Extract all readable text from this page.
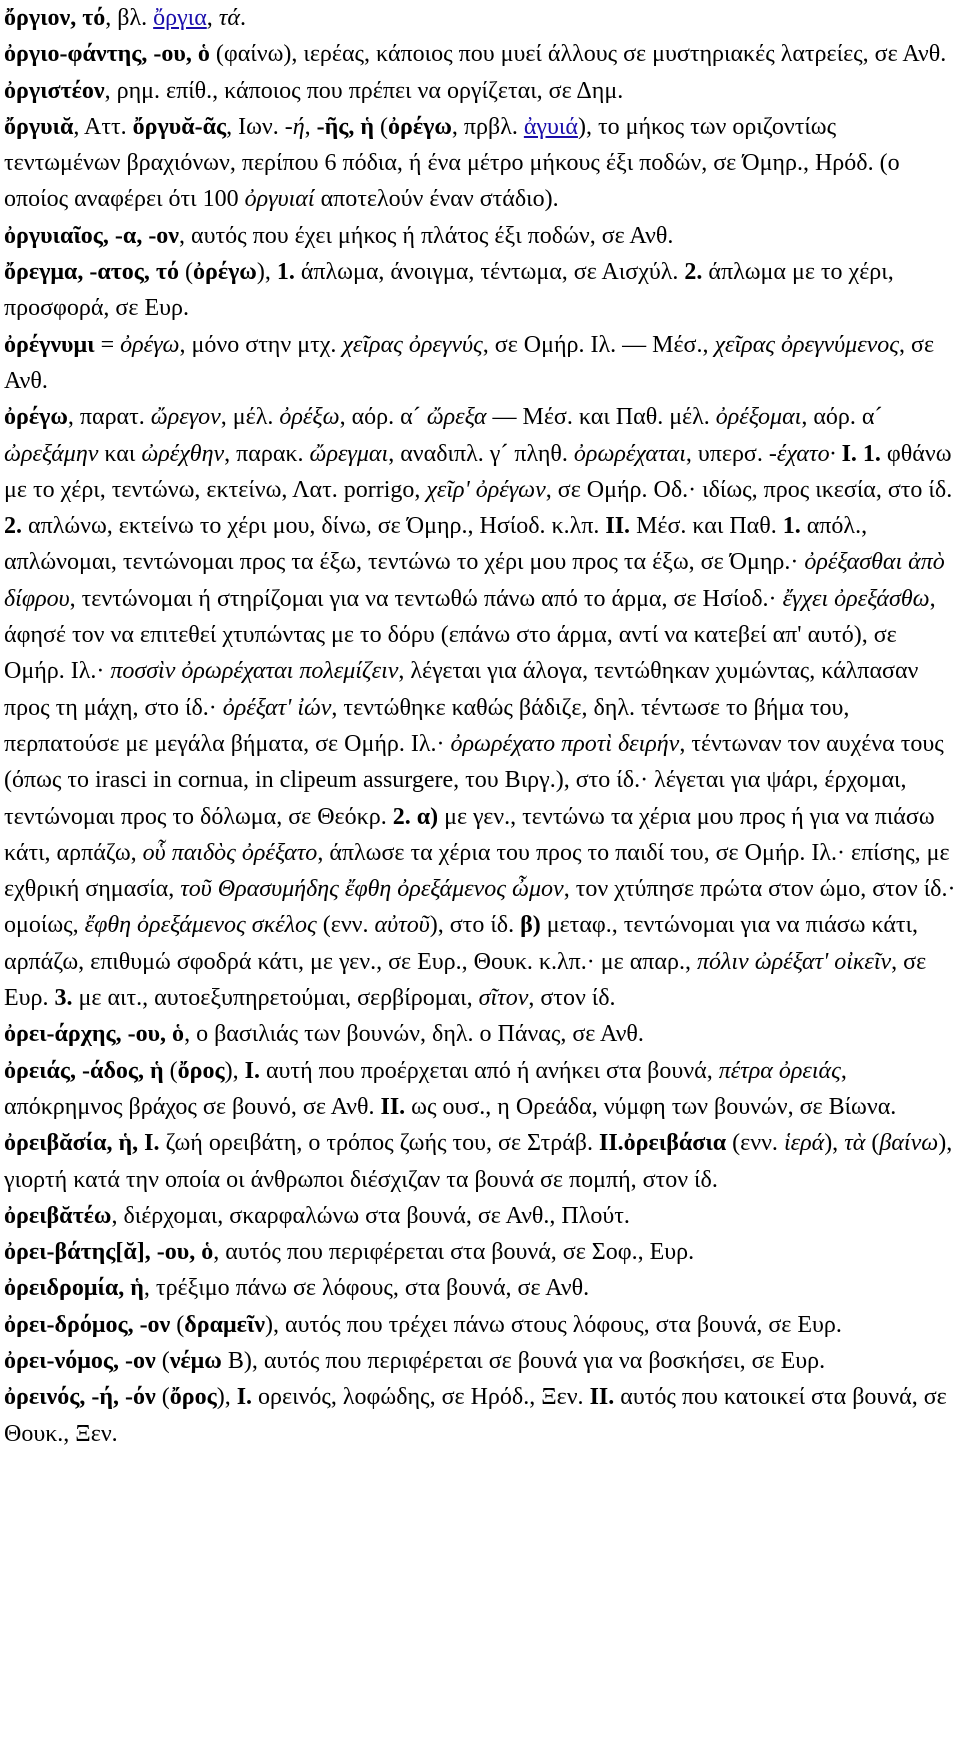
ὄργιον, τό, βλ. ὄργια, τά.

ὀργιο-φάντης, -ου, ὁ (φαίνω), ιερέας, κάποιος που μυεί άλλους σε μυστηριακές λατρείες, σε Ανθ.

ὀργιστέον, ρημ. επίθ., κάποιος που πρέπει να οργίζεται, σε Δημ.

ὄργυιᾰ, Αττ. ὄργυᾰ-ᾶς, Ιων. -ή, -ῆς, ἡ (ὀρέγω, πρβλ. ἀγυιά), το μήκος των οριζοντίως τεντωμένων βραχιόνων, περίπου 6 πόδια, ή ένα μέτρο μήκους έξι ποδών, σε Όμηρ., Ηρόδ. (ο οποίος αναφέρει ότι 100 ὀργυιαί αποτελούν έναν στάδιο).

ὀργυιαῖος, -α, -ον, αυτός που έχει μήκος ή πλάτος έξι ποδών, σε Ανθ.

ὄρεγμα, -ατος, τό (ὀρέγω), 1. άπλωμα, άνοιγμα, τέντωμα, σε Αισχύλ. 2. άπλωμα με το χέρι, προσφορά, σε Ευρ.

ὀρέγνυμι = ὀρέγω, μόνο στην μτχ. χεῖρας ὀρεγνύς, σε Ομήρ. Ιλ. — Μέσ., χεῖρας ὀρεγνύμενος, σε Ανθ.

ὀρέγω, παρατ. ὤρεγον, μέλ. ὀρέξω, αόρ. α´ ὤρεξα — Μέσ. και Παθ. μέλ. ὀρέξομαι, αόρ. α´ ὠρεξάμην και ὠρέχθην, παρακ. ὤρεγμαι, αναδιπλ. γ´ πληθ. ὀρωρέχαται, υπερσ. -έχατο· I. 1. φθάνω με το χέρι, τεντώνω, εκτείνω, Λατ. porrigo, χεῖρ' ὀρέγων, σε Ομήρ. Οδ.· ιδίως, προς ικεσία, στο ίδ. 2. απλώνω, εκτείνω το χέρι μου, δίνω, σε Όμηρ., Ησίοδ. κ.λπ. II. Μέσ. και Παθ. 1. απόλ., απλώνομαι, τεντώνομαι προς τα έξω, τεντώνω το χέρι μου προς τα έξω, σε Όμηρ.· ὀρέξασθαι ἀπὸ δίφρου, τεντώνομαι ή στηρίζομαι για να τεντωθώ πάνω από το άρμα, σε Ησίοδ.· ἔγχει ὀρεξάσθω, άφησέ τον να επιτεθεί χτυπώντας με το δόρυ (επάνω στο άρμα, αντί να κατεβεί απ' αυτό), σε Ομήρ. Ιλ.· ποσσὶν ὀρωρέχαται πολεμίζειν, λέγεται για άλογα, τεντώθηκαν χυμώντας, κάλπασαν προς τη μάχη, στο ίδ.· ὀρέξατ' ἰών, τεντώθηκε καθώς βάδιζε, δηλ. τέντωσε το βήμα του, περπατούσε με μεγάλα βήματα, σε Ομήρ. Ιλ.· ὀρωρέχατο προτὶ δειρήν, τέντωναν τον αυχένα τους (όπως το irasci in cornua, in clipeum assurgere, του Βιργ.), στο ίδ.· λέγεται για ψάρι, έρχομαι, τεντώνομαι προς το δόλωμα, σε Θεόκρ. 2. α) με γεν., τεντώνω τα χέρια μου προς ή για να πιάσω κάτι, αρπάζω, οὗ παιδὸς ὀρέξατο, άπλωσε τα χέρια του προς το παιδί του, σε Ομήρ. Ιλ.· επίσης, με εχθρική σημασία, τοῦ Θρασυμήδης ἔφθη ὀρεξάμενος ὦμον, τον χτύπησε πρώτα στον ώμο, στον ίδ.· ομοίως, ἔφθη ὀρεξάμενος σκέλος (ενν. αὐτοῦ), στο ίδ. β) μεταφ., τεντώνομαι για να πιάσω κάτι, αρπάζω, επιθυμώ σφοδρά κάτι, με γεν., σε Ευρ., Θουκ. κ.λπ.· με απαρ., πόλιν ὠρέξατ' οἰκεῖν, σε Ευρ. 3. με αιτ., αυτοεξυπηρετούμαι, σερβίρομαι, σῖτον, στον ίδ.

ὀρει-άρχης, -ου, ὁ, ο βασιλιάς των βουνών, δηλ. ο Πάνας, σε Ανθ.

ὀρειάς, -άδος, ἡ (ὄρος), I. αυτή που προέρχεται από ή ανήκει στα βουνά, πέτρα ὀρειάς, απόκρημνος βράχος σε βουνό, σε Ανθ. II. ως ουσ., η Ορεάδα, νύμφη των βουνών, σε Βίωνα.

ὀρειβᾰσία, ἡ, I. ζωή ορειβάτη, ο τρόπος ζωής του, σε Στράβ. II.ὀρειβάσια (ενν. ἱερά), τὰ (βαίνω), γιορτή κατά την οποία οι άνθρωποι διέσχιζαν τα βουνά σε πομπή, στον ίδ.

ὀρειβᾰτέω, διέρχομαι, σκαρφαλώνω στα βουνά, σε Ανθ., Πλούτ.

ὀρει-βάτης[ᾰ], -ου, ὁ, αυτός που περιφέρεται στα βουνά, σε Σοφ., Ευρ.

ὀρειδρομία, ἡ, τρέξιμο πάνω σε λόφους, στα βουνά, σε Ανθ.

ὀρει-δρόμος, -ον (δραμεῖν), αυτός που τρέχει πάνω στους λόφους, στα βουνά, σε Ευρ.

ὀρει-νόμος, -ον (νέμω B), αυτός που περιφέρεται σε βουνά για να βοσκήσει, σε Ευρ.

ὀρεινός, -ή, -όν (ὄρος), I. ορεινός, λοφώδης, σε Ηρόδ., Ξεν. II. αυτός που κατοικεί στα βουνά, σε Θουκ., Ξεν.
